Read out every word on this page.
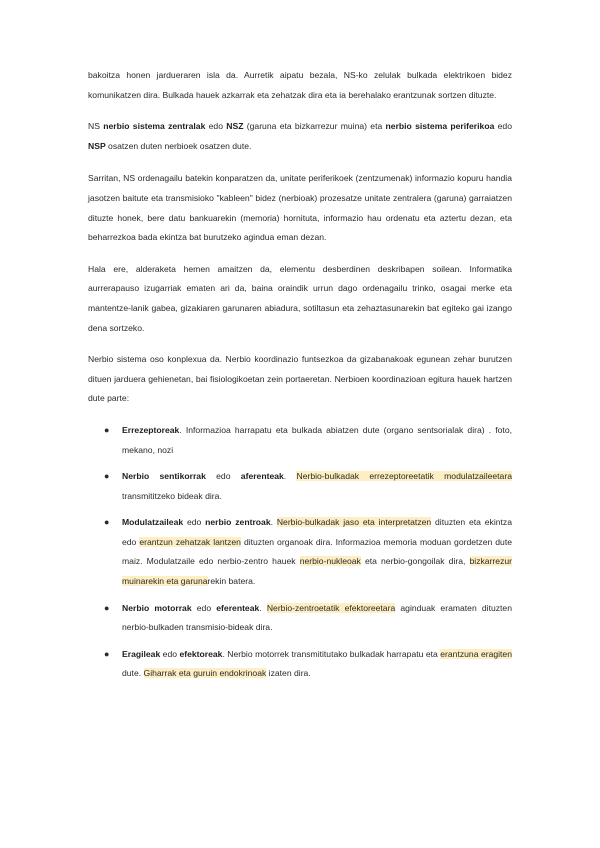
bakoitza honen jardueraren isla da. Aurretik aipatu bezala, NS-ko zelulak bulkada elektrikoen bidez komunikatzen dira. Bulkada hauek azkarrak eta zehatzak dira eta ia berehalako erantzunak sortzen dituzte.

NS nerbio sistema zentralak edo NSZ (garuna eta bizkarrezur muina) eta nerbio sistema periferikoa edo NSP osatzen duten nerbioek osatzen dute.

Sarritan, NS ordenagailu batekin konparatzen da, unitate periferikoek (zentzumenak) informazio kopuru handia jasotzen baitute eta transmisioko "kableen" bidez (nerbioak) prozesatze unitate zentralera (garuna) garraiatzen dituzte honek, bere datu bankuarekin (memoria) hornituta, informazio hau ordenatu eta aztertu dezan, eta beharrezkoa bada ekintza bat burutzeko agindua eman dezan.

Hala ere, alderaketa hemen amaitzen da, elementu desberdinen deskribapen soilean. Informatika aurrerapauso izugarriak ematen ari da, baina oraindik urrun dago ordenagailu trinko, osagai merke eta mantentze-lanik gabea, gizakiaren garunaren abiadura, sotiltasun eta zehaztasunarekin bat egiteko gai izango dena sortzeko.

Nerbio sistema oso konplexua da. Nerbio koordinazio funtsezkoa da gizabanakoak egunean zehar burutzen dituen jarduera gehienetan, bai fisiologikoetan zein portaeretan. Nerbioen koordinazioan egitura hauek hartzen dute parte:

● Errezeptoreak. Informazioa harrapatu eta bulkada abiatzen dute (organo sentsorialak dira) . foto, mekano, nozi
● Nerbio sentikorrak edo aferenteak. Nerbio-bulkadak errezeptoreetatik modulatzaileetara transmititzeko bideak dira.
● Modulatzaileak edo nerbio zentroak. Nerbio-bulkadak jaso eta interpretatzen dituzten eta ekintza edo erantzun zehatzak lantzen dituzten organoak dira. Informazioa memoria moduan gordetzen dute maiz. Modulatzaile edo nerbio-zentro hauek nerbio-nukleoak eta nerbio-gongoilak dira, bizkarrezur muinarekin eta garunarekin batera.
● Nerbio motorrak edo eferenteak. Nerbio-zentroetatik efektoreetara aginduak eramaten dituzten nerbio-bulkaden transmisio-bideak dira.
● Eragileak edo efektoreak. Nerbio motorrek transmititutako bulkadak harrapatu eta erantzuna eragiten dute. Giharrak eta guruin endokrinoak izaten dira.
